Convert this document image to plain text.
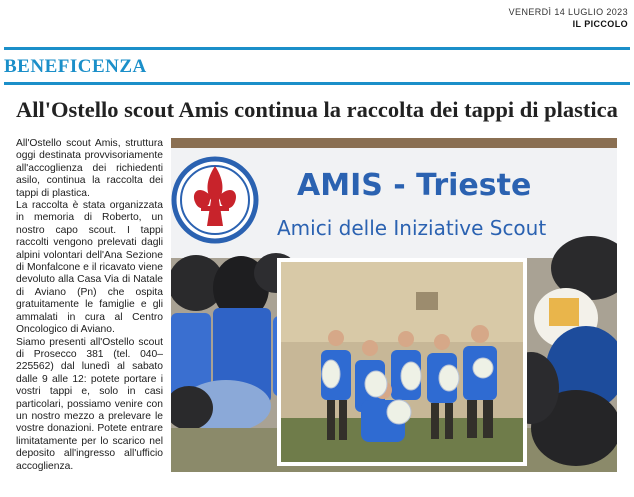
VENERDÌ 14 LUGLIO 2023
IL PICCOLO
BENEFICENZA
All'Ostello scout Amis continua la raccolta dei tappi di plastica

All'Ostello scout Amis, struttura oggi destinata provvisoriamente all'accoglienza dei richiedenti asilo, continua la raccolta dei tappi di plastica.

La raccolta è stata organizzata in memoria di Roberto, un nostro capo scout. I tappi raccolti vengono prelevati dagli alpini volontari dell'Ana Sezione di Monfalcone e il ricavato viene devoluto alla Casa Via di Natale di Aviano (Pn) che ospita gratuitamente le famiglie e gli ammalati in cura al Centro Oncologico di Aviano.

Siamo presenti all'Ostello scout di Prosecco 381 (tel. 040–225562) dal lunedì al sabato dalle 9 alle 12: potete portare i vostri tappi e, solo in casi particolari, possiamo venire con un nostro mezzo a prelevare le vostre donazioni. Potete entrare limitatamente per lo scarico nel deposito all'ingresso all'ufficio accoglienza.

AMIS - Trieste
Amici delle Iniziative Scout
